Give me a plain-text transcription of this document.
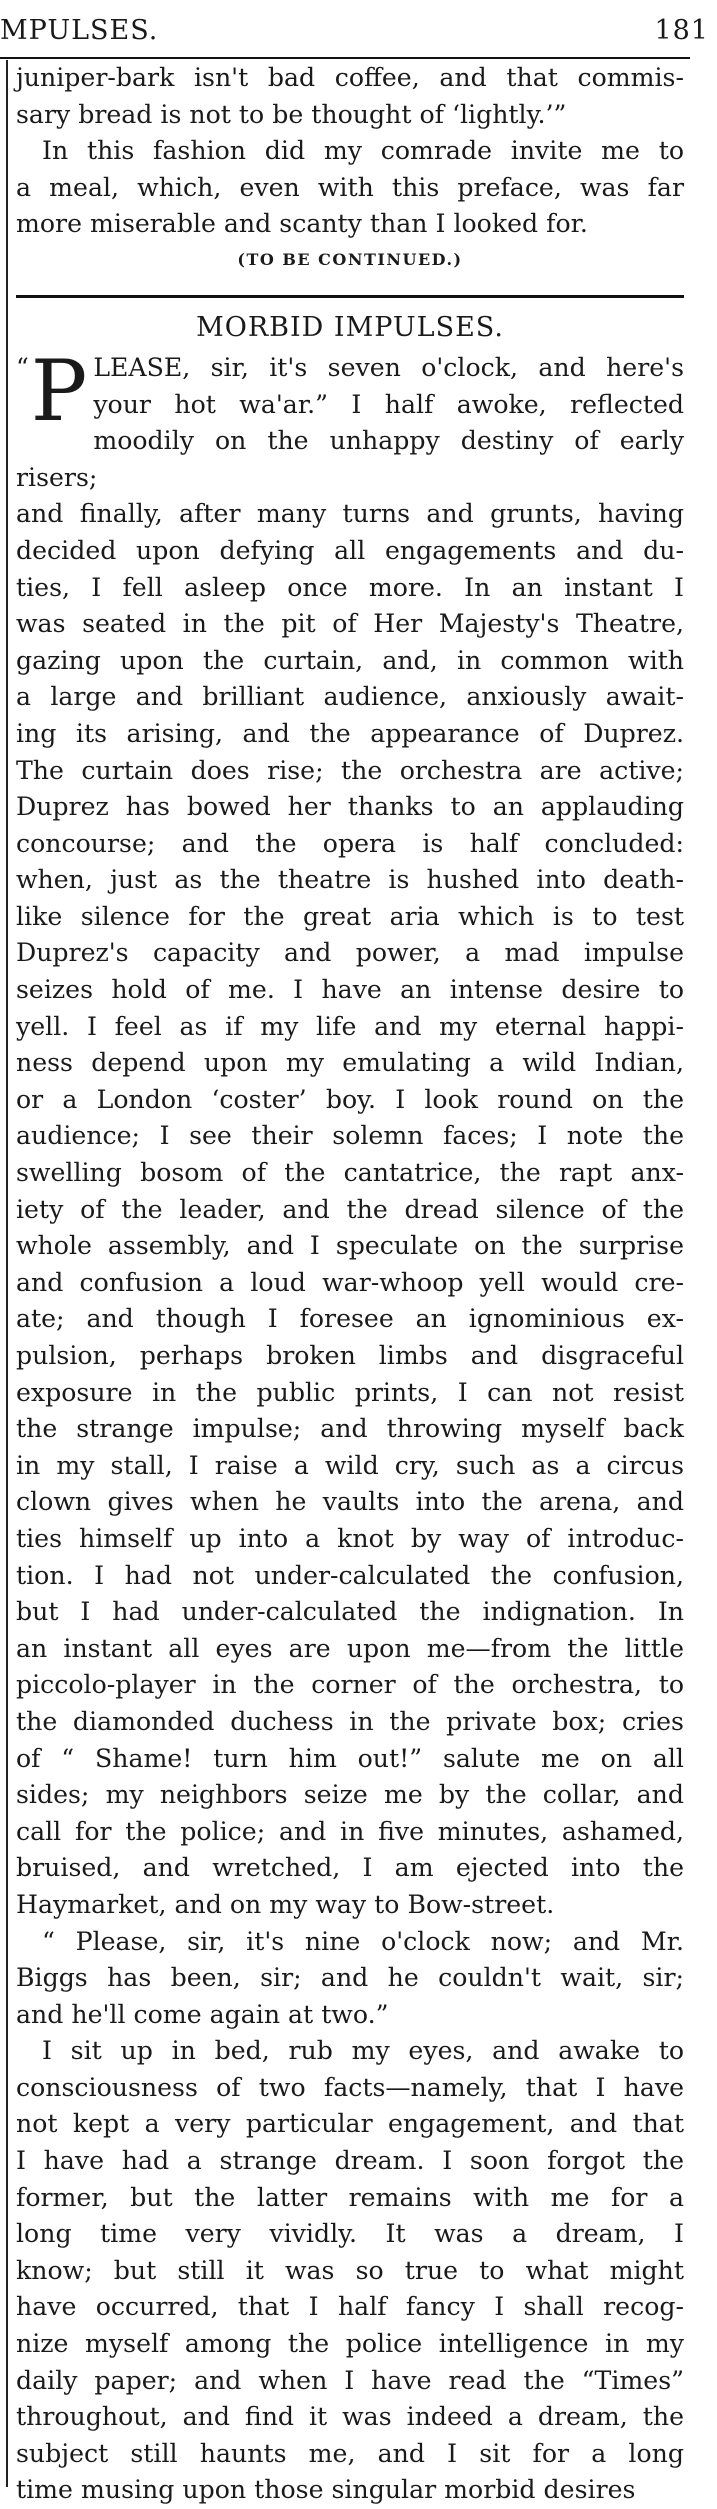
MPULSES.	181

juniper-bark isn't bad coffee, and that commis-

sary bread is not to be thought of ‘lightly.’”

In this fashion did my comrade invite me to

a meal, which, even with this preface, was far

more miserable and scanty than I looked for.

(TO BE CONTINUED.)

MORBID IMPULSES.

“ P LEASE, sir, it's seven o'clock, and here's

your hot wa'ar.” I half awoke, reflected

moodily on the unhappy destiny of early risers;

and finally, after many turns and grunts, having

decided upon defying all engagements and du-

ties, I fell asleep once more. In an instant I

was seated in the pit of Her Majesty's Theatre,

gazing upon the curtain, and, in common with

a large and brilliant audience, anxiously await-

ing its arising, and the appearance of Duprez.

The curtain does rise; the orchestra are active;

Duprez has bowed her thanks to an applauding

concourse; and the opera is half concluded:

when, just as the theatre is hushed into death-

like silence for the great aria which is to test

Duprez's capacity and power, a mad impulse

seizes hold of me. I have an intense desire to

yell. I feel as if my life and my eternal happi-

ness depend upon my emulating a wild Indian,

or a London ‘coster’ boy. I look round on the

audience; I see their solemn faces; I note the

swelling bosom of the cantatrice, the rapt anx-

iety of the leader, and the dread silence of the

whole assembly, and I speculate on the surprise

and confusion a loud war-whoop yell would cre-

ate; and though I foresee an ignominious ex-

pulsion, perhaps broken limbs and disgraceful

exposure in the public prints, I can not resist

the strange impulse; and throwing myself back

in my stall, I raise a wild cry, such as a circus

clown gives when he vaults into the arena, and

ties himself up into a knot by way of introduc-

tion. I had not under-calculated the confusion,

but I had under-calculated the indignation. In

an instant all eyes are upon me—from the little

piccolo-player in the corner of the orchestra, to

the diamonded duchess in the private box; cries

of “ Shame! turn him out!” salute me on all

sides; my neighbors seize me by the collar, and

call for the police; and in five minutes, ashamed,

bruised, and wretched, I am ejected into the

Haymarket, and on my way to Bow-street.

“ Please, sir, it's nine o'clock now; and Mr.

Biggs has been, sir; and he couldn't wait, sir;

and he'll come again at two.”

I sit up in bed, rub my eyes, and awake to

consciousness of two facts—namely, that I have

not kept a very particular engagement, and that

I have had a strange dream. I soon forgot the

former, but the latter remains with me for a

long time very vividly. It was a dream, I

know; but still it was so true to what might

have occurred, that I half fancy I shall recog-

nize myself among the police intelligence in my

daily paper; and when I have read the “Times”

throughout, and find it was indeed a dream, the

subject still haunts me, and I sit for a long

time musing upon those singular morbid desires
